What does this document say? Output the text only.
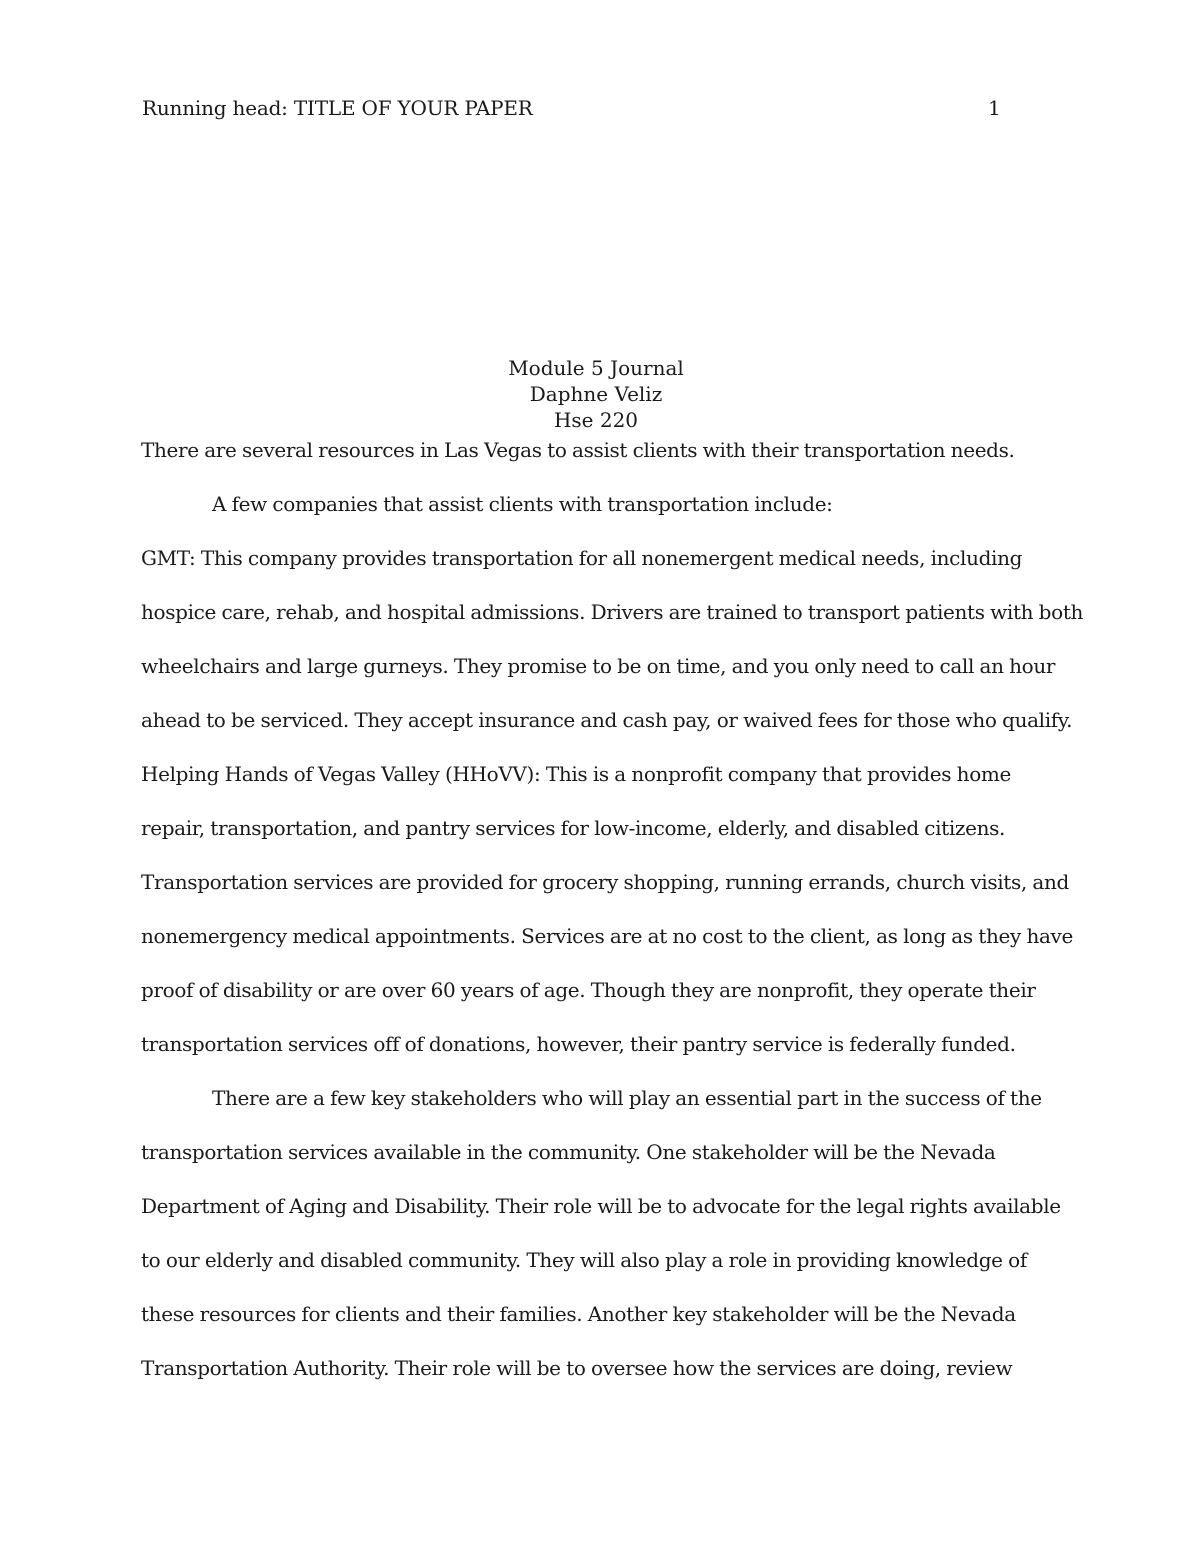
Running head: TITLE OF YOUR PAPER	1
Module 5 Journal
Daphne Veliz
Hse 220
There are several resources in Las Vegas to assist clients with their transportation needs.
A few companies that assist clients with transportation include:
GMT: This company provides transportation for all nonemergent medical needs, including
hospice care, rehab, and hospital admissions. Drivers are trained to transport patients with both
wheelchairs and large gurneys. They promise to be on time, and you only need to call an hour
ahead to be serviced. They accept insurance and cash pay, or waived fees for those who qualify.
Helping Hands of Vegas Valley (HHoVV): This is a nonprofit company that provides home
repair, transportation, and pantry services for low-income, elderly, and disabled citizens.
Transportation services are provided for grocery shopping, running errands, church visits, and
nonemergency medical appointments. Services are at no cost to the client, as long as they have
proof of disability or are over 60 years of age. Though they are nonprofit, they operate their
transportation services off of donations, however, their pantry service is federally funded.
There are a few key stakeholders who will play an essential part in the success of the
transportation services available in the community. One stakeholder will be the Nevada
Department of Aging and Disability. Their role will be to advocate for the legal rights available
to our elderly and disabled community. They will also play a role in providing knowledge of
these resources for clients and their families. Another key stakeholder will be the Nevada
Transportation Authority. Their role will be to oversee how the services are doing, review
